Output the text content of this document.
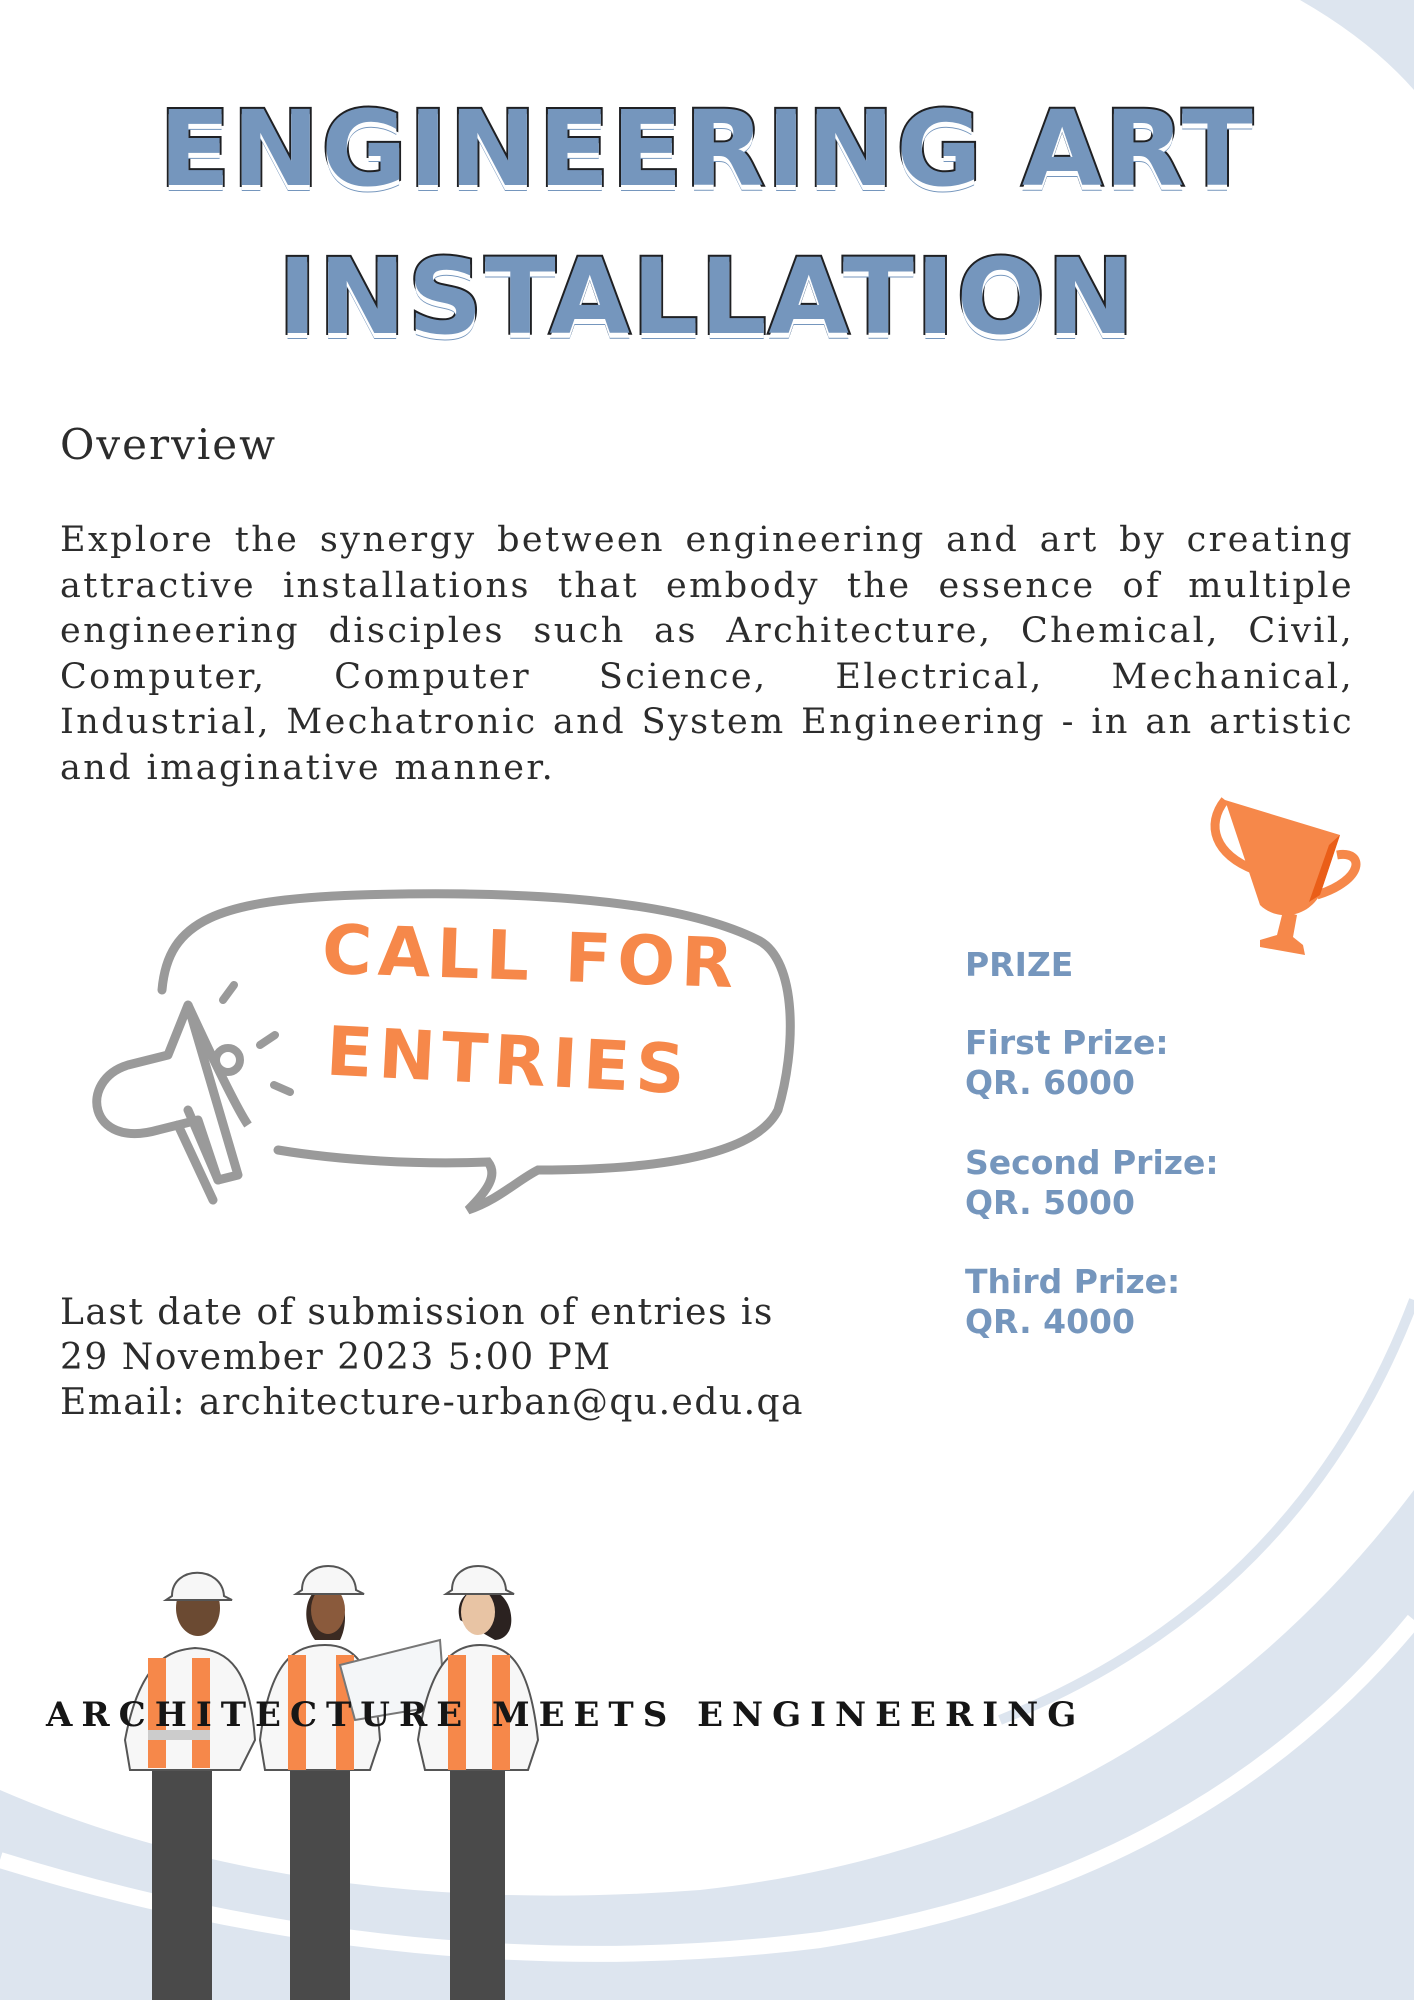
ENGINEERING ART
INSTALLATION
Overview
Explore the synergy between engineering and art by creating attractive installations that embody the essence of multiple engineering disciples such as Architecture, Chemical, Civil, Computer, Computer Science, Electrical, Mechanical, Industrial, Mechatronic and System Engineering - in an artistic and imaginative manner.
CALL FOR
ENTRIES
PRIZE
First Prize:
QR. 6000
Second Prize:
QR. 5000
Third Prize:
QR. 4000
Last date of submission of entries is
29 November 2023 5:00 PM
Email: architecture-urban@qu.edu.qa
ARCHITECTURE MEETS ENGINEERING
